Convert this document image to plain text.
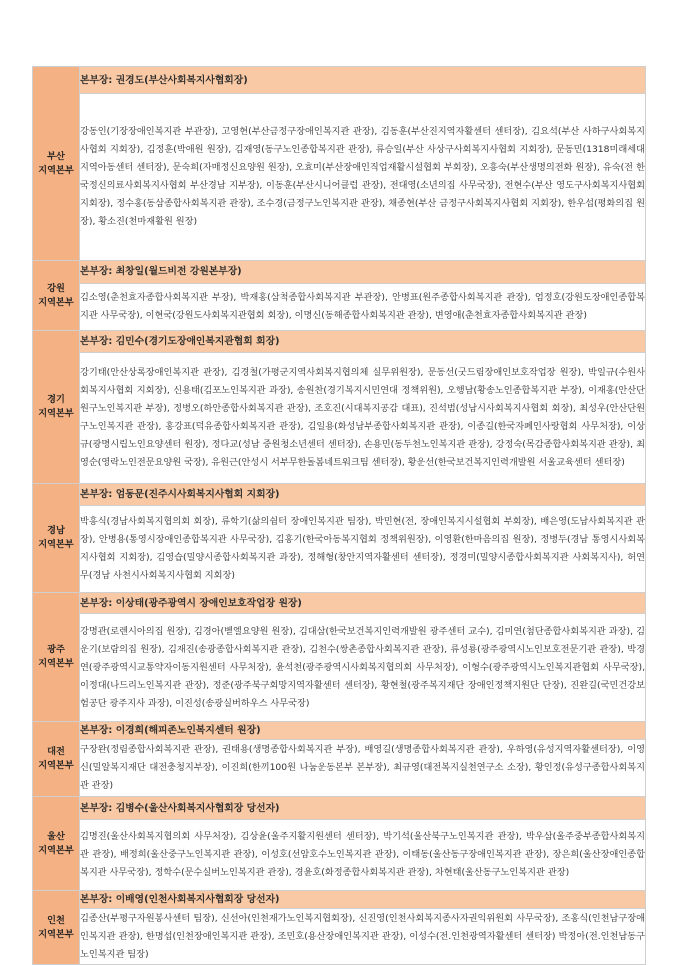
부산
지역본부	본부장: 권경도(부산사회복지사협회장)
	강동인(기장장애인복지관 부관장), 고영현(부산금정구장애인복지관 관장), 김동훈(부산진지역자활센터 센터장), 김요석(부산 사하구사회복지사협회 지회장), 김정훈(박애원 원장), 김재영(동구노인종합복지관 관장), 류승일(부산 사상구사회복지사협회 지회장), 문동민(1318미래세대지역아동센터 센터장), 문숙희(자매정신요양원 원장), 오효미(부산장애인직업재활시설협회 부회장), 오흥숙(부산생명의전화 원장), 유숙(전 한국정신의료사회복지사협회 부산경남 지부장), 이동훈(부산시니어클럽 관장), 전대영(소년의집 사무국장), 전현수(부산 영도구사회복지사협회 지회장), 정수홍(동삼종합사회복지관 관장), 조수경(금정구노인복지관 관장), 채종현(부산 금정구사회복지사협회 지회장), 한우섭(평화의집 원장), 황소진(천마재활원 원장)

강원
지역본부	본부장: 최창일(월드비전 강원본부장)
	김소영(춘천효자종합사회복지관 부장), 박재홍(삼척종합사회복지관 부관장), 안병표(원주종합사회복지관 관장), 엄정호(강원도장애인종합복지관 사무국장), 이현국(강원도사회복지관협회 회장), 이명신(동해종합사회복지관 관장), 변영애(춘천효자종합사회복지관 관장)

경기
지역본부	본부장: 김민수(경기도장애인복지관협회 회장)
	강기태(안산상록장애인복지관 관장), 김경철(가평군지역사회복지협의체 실무위원장), 문동선(굿드림장애인보호작업장 원장), 박일규(수원사회복지사협회 지회장), 신용태(김포노인복지관 과장), 송원찬(경기복지시민연대 정책위원), 오행남(황송노인종합복지관 부장), 이재홍(안산단원구노인복지관 부장), 정병오(하안종합사회복지관 관장), 조호진(시대복지공감 대표), 진석범(성남시사회복지사협회 회장), 최성우(안산단원구노인복지관 관장), 홍강표(덕유종합사회복지관 관장), 김일용(화성남부종합사회복지관 관장), 이종길(한국자폐인사랑협회 사무처장), 이상규(광명시립노인요양센터 원장), 정다교(성남 중원청소년센터 센터장), 손용민(동두천노인복지관 관장), 강정숙(목감종합사회복지관 관장), 최영순(영락노인전문요양원 국장), 유원근(안성시 서부무한돌봄네트워크팀 센터장), 황운선(한국보건복지인력개발원 서울교육센터 센터장)

경남
지역본부	본부장: 엄동문(진주시사회복지사협회 지회장)
	박흥식(경남사회복지협의회 회장), 류학기(삶의쉼터 장애인복지관 팀장), 박민현(전, 장애인복지시설협회 부회장), 배은영(도남사회복지관 관장), 안병용(통영시장애인종합복지관 사무국장), 김홍기(한국아동복지협회 정책위원장), 이영환(한마음의집 원장), 정병두(경남 통영시사회복지사협회 지회장), 김영습(밀양시종합사회복지관 과장), 정해형(창안지역자활센터 센터장), 정경미(밀양시종합사회복지관 사회복지사), 허연무(경남 사천시사회복지사협회 지회장)

광주
지역본부	본부장: 이상태(광주광역시 장애인보호작업장 원장)
	강명관(로렌시아의집 원장), 김경아(벧엘요양원 원장), 김대삼(한국보건복지인력개발원 광주센터 교수), 김미연(첨단종합사회복지관 과장), 김운기(보람의집 원장), 김재진(송광종합사회복지관 관장), 김천수(쌍촌종합사회복지관 관장), 류성룡(광주광역시노인보호전문기관 관장), 박경연(광주광역시교통약자이동지원센터 사무처장), 윤석천(광주광역시사회복지협의회 사무처장), 이형수(광주광역시노인복지관협회 사무국장), 이정대(나드리노인복지관 관장), 정준(광주북구회망지역자활센터 센터장), 황현철(광주복지재단 장애인정책지원단 단장), 진완길(국민건강보험공단 광주지사 과장), 이진성(송광실버하우스 사무국장)

대전
지역본부	본부장: 이경희(해피존노인복지센터 원장)
	구장완(정림종합사회복지관 관장), 권태용(생명종합사회복지관 부장), 배영길(생명종합사회복지관 관장), 우하영(유성지역자활센터장), 이영신(밀알복지재단 대전충청지부장), 이진희(한끼100원 나눔운동본부 본부장), 최규영(대전복지실천연구소 소장), 황인정(유성구종합사회복지관 관장)

울산
지역본부	본부장: 김병수(울산사회복지사협회장 당선자)
	김명진(울산사회복지협의회 사무처장), 김상윤(울주지활지원센터 센터장), 박기석(울산북구노인복지관 관장), 박우삼(울주중부종합사회복지관 관장), 배정희(울산중구노인복지관 관장), 이성호(선암호수노인복지관 관장), 이태동(울산동구장애인복지관 관장), 장은희(울산장애인종합복지관 사무국장), 정학수(문수실버노인복지관 관장), 경윤호(화정종합사회복지관 관장), 차현태(울산동구노인복지관 관장)

인천
지역본부	본부장: 이배영(인천사회복지사협회장 당선자)
	김종산(부평구자원봉사센터 팀장), 신선아(인천재가노인복지협회장), 신진영(인천사회복지종사자권익위원회 사무국장), 조홍식(인천남구장애인복지관 관장), 한명섭(인천장애인복지관 관장), 조민호(용산장애인복지관 관장), 이성수(전.인천광역자활센터 센터장) 박정아(전.인천남동구노인복지관 팀장)
